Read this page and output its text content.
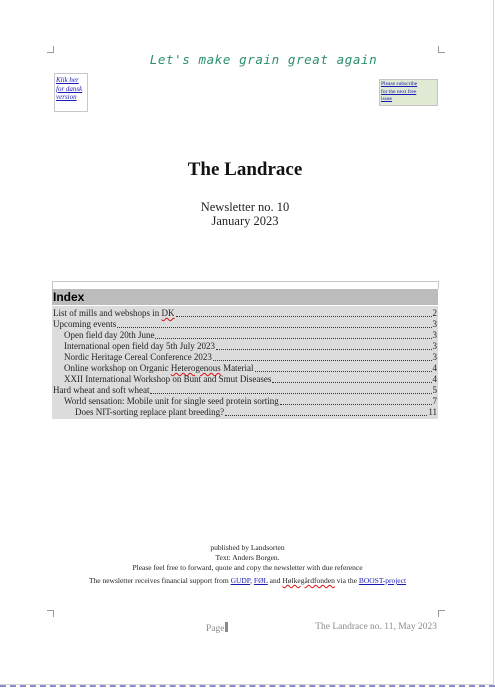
Let's make grain great again
Klik her
for dansk
version
Please subscribe
for the next free
issue
The Landrace
Newsletter no. 10
January 2023
Index
List of mills and webshops in DK	2
Upcoming events	3
Open field day 20th June	3
International open field day 5th July 2023	3
Nordic Heritage Cereal Conference 2023	3
Online workshop on Organic Heterogenous Material	4
XXII International Workshop on Bunt and Smut Diseases	4
Hard wheat and soft wheat	5
World sensation: Mobile unit for single seed protein sorting	7
Does NIT-sorting replace plant breeding?	11
published by Landsorten
Text: Anders Borgen.
Please feel free to forward, quote and copy the newsletter with due reference
The newsletter receives financial support from GUDP, FØL and Hølkegårdfonden via the BOOST-project
Page	The Landrace no. 11, May 2023
